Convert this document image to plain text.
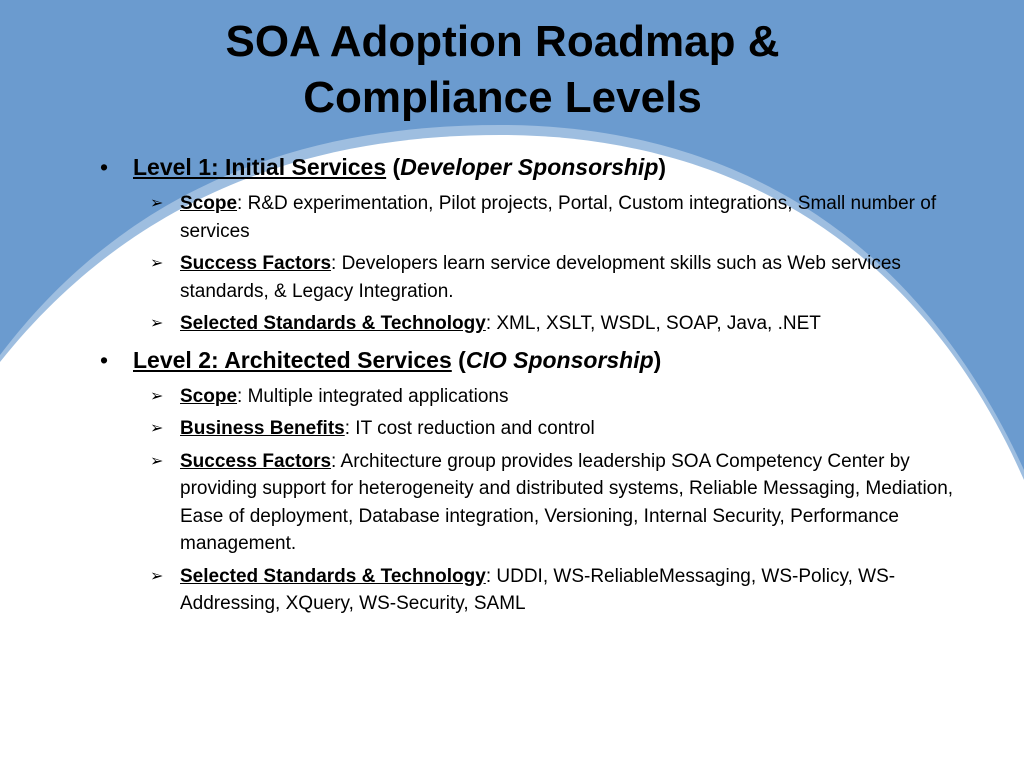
SOA Adoption Roadmap &
Compliance Levels
• Level 1: Initial Services (Developer Sponsorship)
➢ Scope: R&D experimentation, Pilot projects, Portal, Custom integrations, Small number of services
➢ Success Factors: Developers learn service development skills such as Web services standards, & Legacy Integration.
➢ Selected Standards & Technology: XML, XSLT, WSDL, SOAP, Java, .NET
• Level 2: Architected Services (CIO Sponsorship)
➢ Scope: Multiple integrated applications
➢ Business Benefits: IT cost reduction and control
➢ Success Factors: Architecture group provides leadership SOA Competency Center by providing support for heterogeneity and distributed systems, Reliable Messaging, Mediation, Ease of deployment, Database integration, Versioning, Internal Security, Performance management.
➢ Selected Standards & Technology: UDDI, WS-ReliableMessaging, WS-Policy, WS-Addressing, XQuery, WS-Security, SAML
